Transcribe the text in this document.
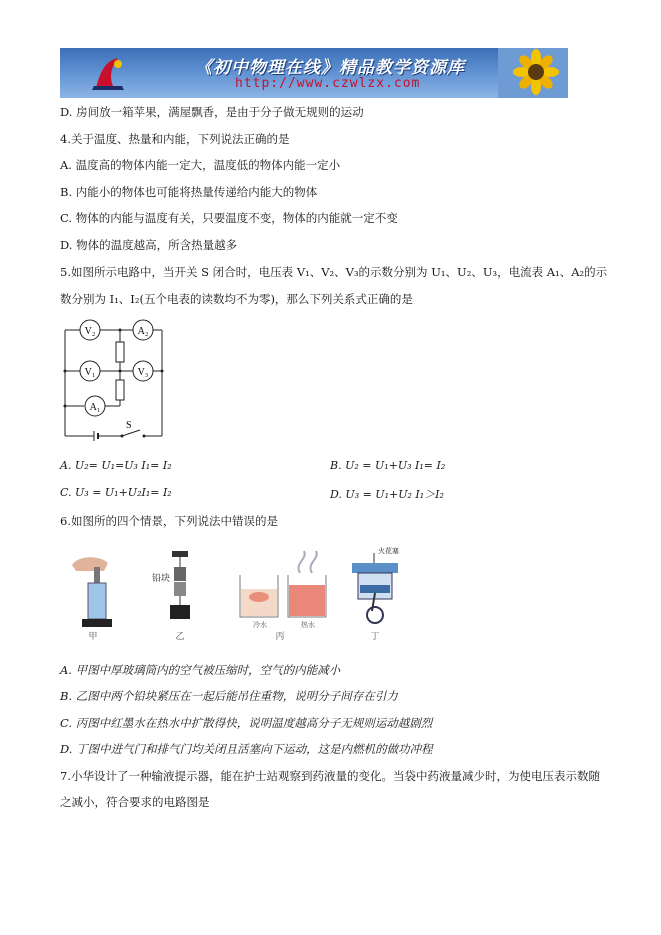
《初中物理在线》精品教学资源库
http://www.czwlzx.com
D. 房间放一箱苹果，满屋飘香，是由于分子做无规则的运动
4.关于温度、热量和内能，下列说法正确的是
A. 温度高的物体内能一定大，温度低的物体内能一定小
B. 内能小的物体也可能将热量传递给内能大的物体
C. 物体的内能与温度有关，只要温度不变，物体的内能就一定不变
D. 物体的温度越高，所含热量越多
5.如图所示电路中，当开关 S 闭合时，电压表 V₁、V₂、V₃的示数分别为 U₁、U₂、U₃，电流表 A₁、A₂的示
数分别为 I₁、I₂(五个电表的读数均不为零)，那么下列关系式正确的是
V₂	A₂
V₁	V₃
A₁
S
A. U₂= U₁=U₃ I₁= I₂	B. U₂ = U₁+U₃ I₁= I₂
C. U₃ = U₁+U₂I₁= I₂	D. U₃ = U₁+U₂ I₁＞I₂
6.如图所的四个情景，下列说法中错误的是
甲
铅块
乙
冷水	热水
丙
火花塞
丁
A. 甲图中厚玻璃筒内的空气被压缩时，空气的内能减小
B. 乙图中两个铅块紧压在一起后能吊住重物，说明分子间存在引力
C. 丙图中红墨水在热水中扩散得快，说明温度越高分子无规则运动越剧烈
D. 丁图中进气门和排气门均关闭且活塞向下运动，这是内燃机的做功冲程
7.小华设计了一种输液提示器，能在护士站观察到药液量的变化。当袋中药液量减少时，为使电压表示数随
之减小，符合要求的电路图是
